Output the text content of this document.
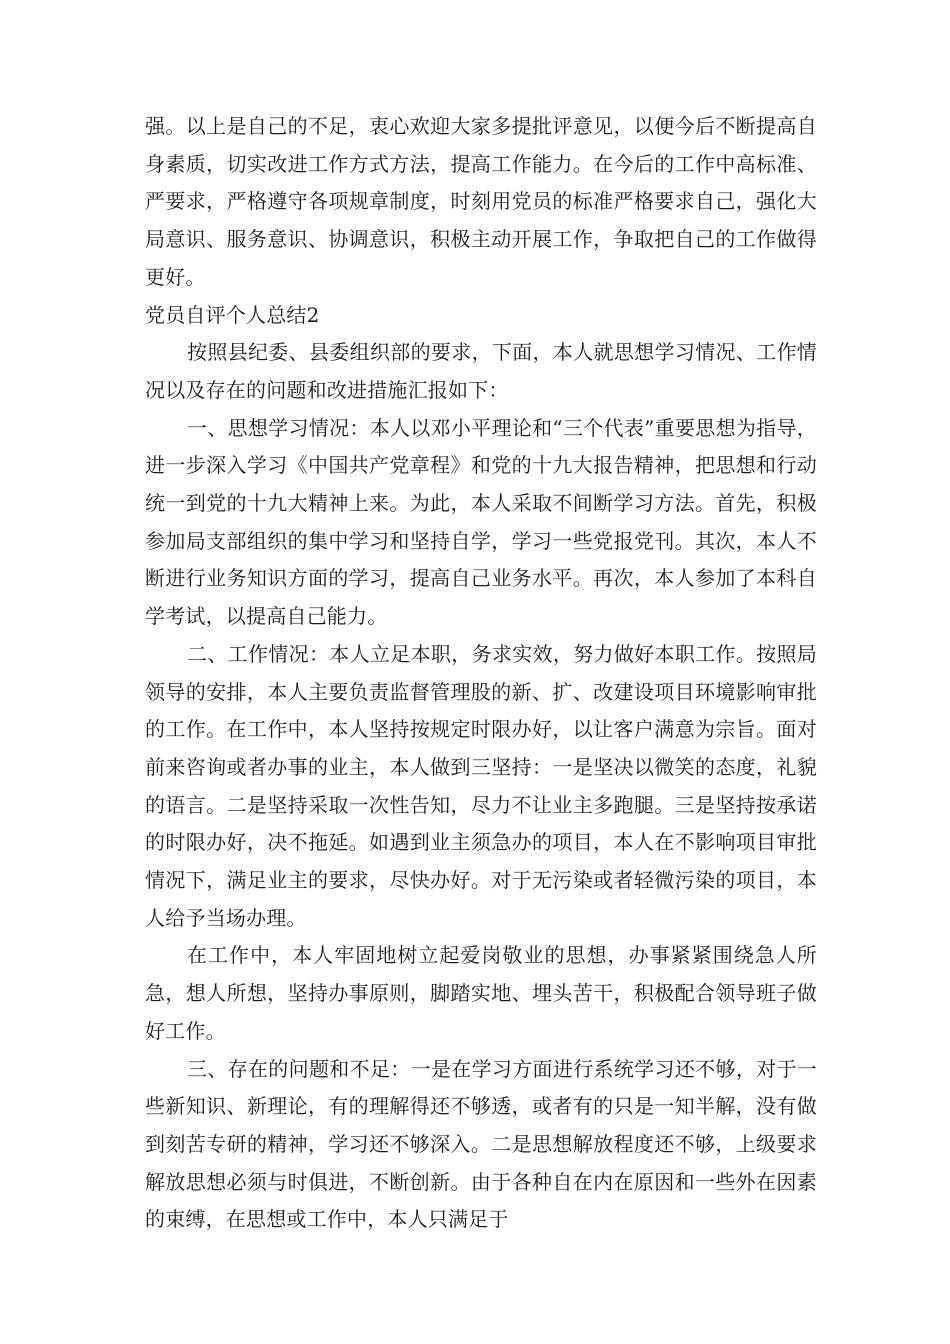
强。以上是自己的不足，衷心欢迎大家多提批评意见，以便今后不断提高自身素质，切实改进工作方式方法，提高工作能力。在今后的工作中高标准、严要求，严格遵守各项规章制度，时刻用党员的标准严格要求自己，强化大局意识、服务意识、协调意识，积极主动开展工作，争取把自己的工作做得更好。

党员自评个人总结2

按照县纪委、县委组织部的要求，下面，本人就思想学习情况、工作情况以及存在的问题和改进措施汇报如下：

一、思想学习情况：本人以邓小平理论和“三个代表”重要思想为指导，进一步深入学习《中国共产党章程》和党的十九大报告精神，把思想和行动统一到党的十九大精神上来。为此，本人采取不间断学习方法。首先，积极参加局支部组织的集中学习和坚持自学，学习一些党报党刊。其次，本人不断进行业务知识方面的学习，提高自己业务水平。再次，本人参加了本科自学考试，以提高自己能力。

二、工作情况：本人立足本职，务求实效，努力做好本职工作。按照局领导的安排，本人主要负责监督管理股的新、扩、改建设项目环境影响审批的工作。在工作中，本人坚持按规定时限办好，以让客户满意为宗旨。面对前来咨询或者办事的业主，本人做到三坚持：一是坚决以微笑的态度，礼貌的语言。二是坚持采取一次性告知，尽力不让业主多跑腿。三是坚持按承诺的时限办好，决不拖延。如遇到业主须急办的项目，本人在不影响项目审批情况下，满足业主的要求，尽快办好。对于无污染或者轻微污染的项目，本人给予当场办理。

在工作中，本人牢固地树立起爱岗敬业的思想，办事紧紧围绕急人所急，想人所想，坚持办事原则，脚踏实地、埋头苦干，积极配合领导班子做好工作。

三、存在的问题和不足：一是在学习方面进行系统学习还不够，对于一些新知识、新理论，有的理解得还不够透，或者有的只是一知半解，没有做到刻苦专研的精神，学习还不够深入。二是思想解放程度还不够，上级要求解放思想必须与时俱进，不断创新。由于各种自在内在原因和一些外在因素的束缚，在思想或工作中，本人只满足于
